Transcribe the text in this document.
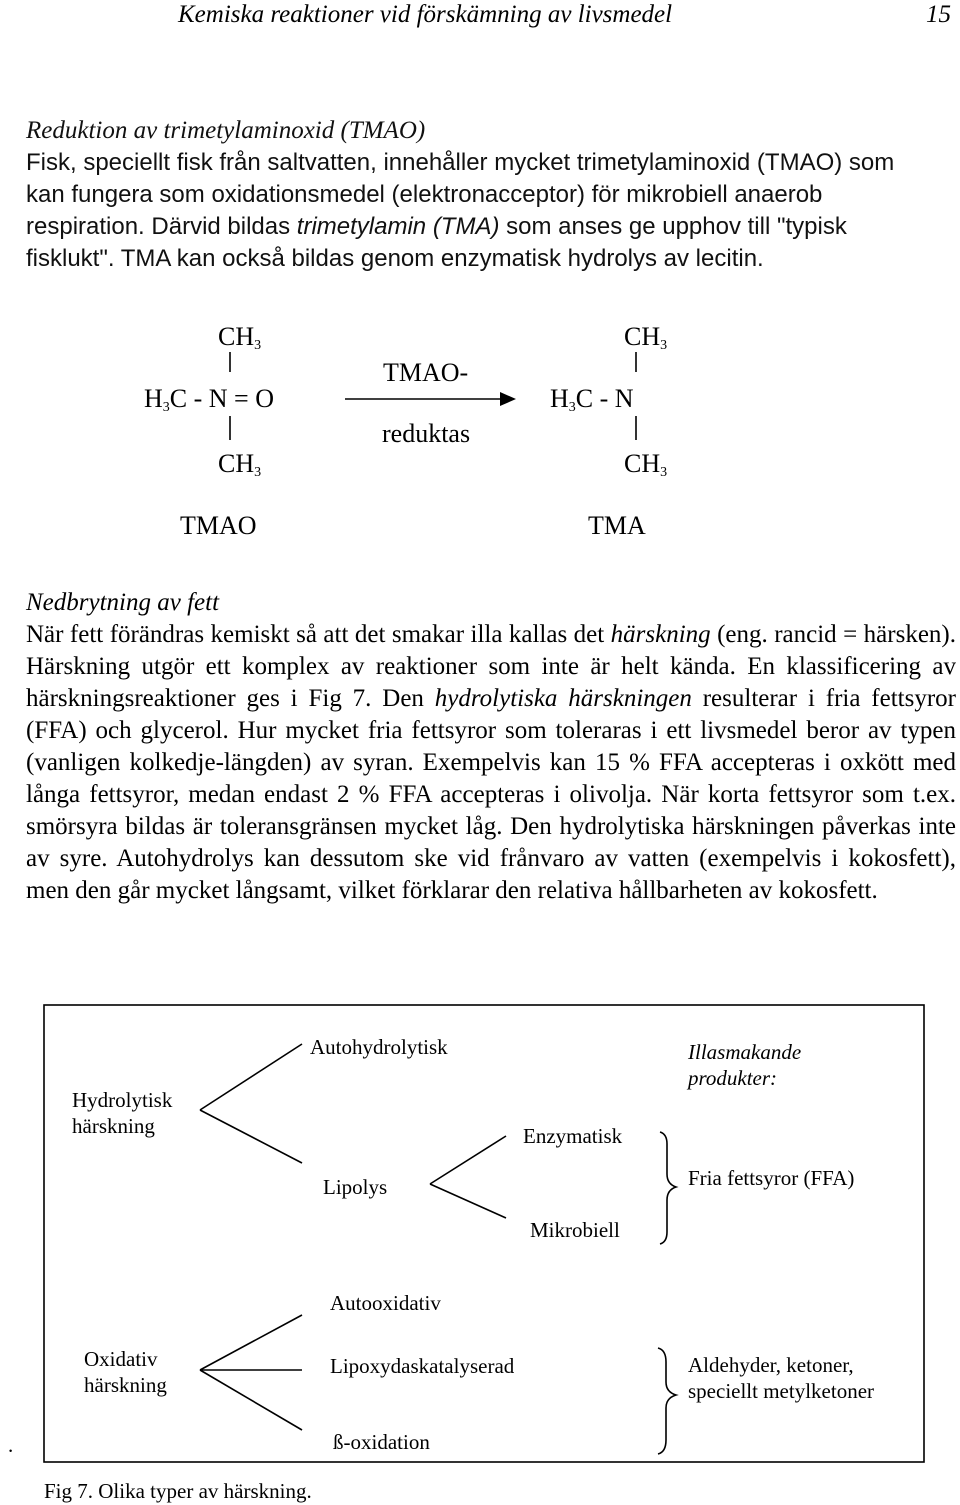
Kemiska reaktioner vid förskämning av livsmedel	15
Reduktion av trimetylaminoxid (TMAO)
Fisk, speciellt fisk från saltvatten, innehåller mycket trimetylaminoxid (TMAO) som kan fungera som oxidationsmedel (elektronacceptor) för mikrobiell anaerob respiration. Därvid bildas trimetylamin (TMA) som anses ge upphov till "typisk fisklukt". TMA kan också bildas genom enzymatisk hydrolys av lecitin.
$CH_3$
$H_3C - N = O$
$CH_3$
TMAO
TMAO-
reduktas
$CH_3$
$H_3C$ - N
$CH_3$
TMA
Nedbrytning av fett

När fett förändras kemiskt så att det smakar illa kallas det härskning (eng. rancid = härsken). Härskning utgör ett komplex av reaktioner som inte är helt kända. En klassificering av härskningsreaktioner ges i Fig 7. Den hydrolytiska härskningen resulterar i fria fettsyror (FFA) och glycerol. Hur mycket fria fettsyror som toleraras i ett livsmedel beror av typen (vanligen kolkedje-längden) av syran. Exempelvis kan 15 % FFA accepteras i oxkött med långa fettsyror, medan endast 2 % FFA accepteras i olivolja. När korta fettsyror som t.ex. smörsyra bildas är toleransgränsen mycket låg. Den hydrolytiska härskningen påverkas inte av syre. Autohydrolys kan dessutom ske vid frånvaro av vatten (exempelvis i kokosfett), men den går mycket långsamt, vilket förklarar den relativa hållbarheten av kokosfett.

Hydrolytisk
härskning
Autohydrolytisk
Lipolys
Enzymatisk
Mikrobiell
Illasmakande
produkter:
Fria fettsyror (FFA)
Oxidativ
härskning
Autooxidativ
Lipoxydaskatalyserad
ß-oxidation
Aldehyder, ketoner,
speciellt metylketoner
Fig 7. Olika typer av härskning.
.
